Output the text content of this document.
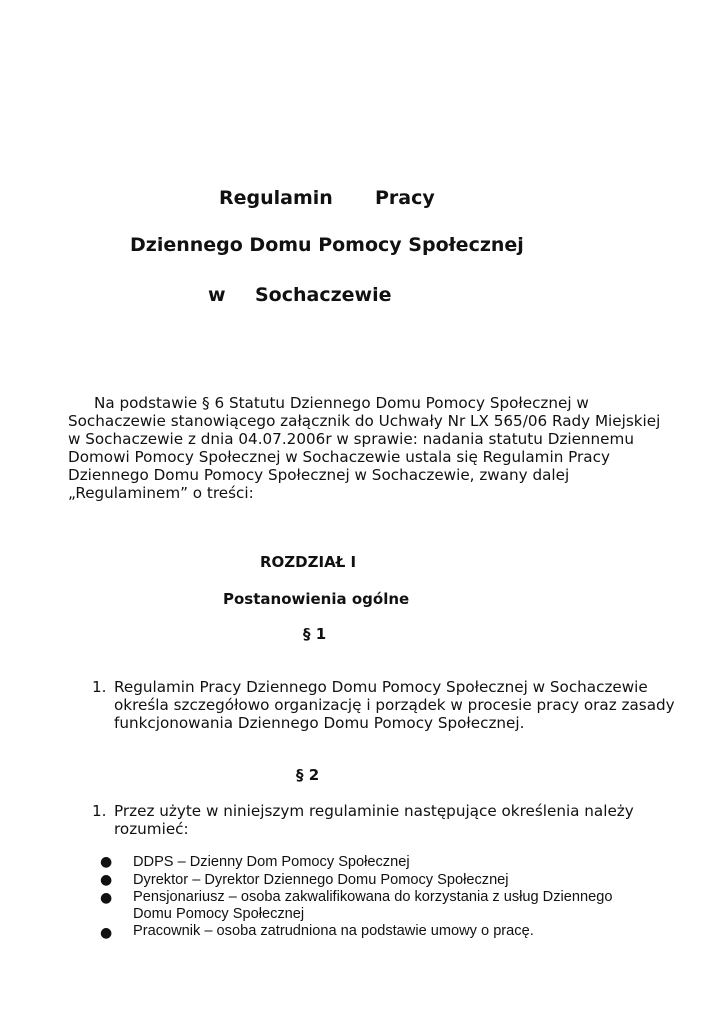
Regulamin Pracy
Dziennego Domu Pomocy Społecznej
w Sochaczewie
Na podstawie § 6 Statutu Dziennego Domu Pomocy Społecznej w
Sochaczewie stanowiącego załącznik do Uchwały Nr LX 565/06 Rady Miejskiej
w Sochaczewie z dnia 04.07.2006r w sprawie: nadania statutu Dziennemu
Domowi Pomocy Społecznej w Sochaczewie ustala się Regulamin Pracy
Dziennego Domu Pomocy Społecznej w Sochaczewie, zwany dalej
„Regulaminem” o treści:
ROZDZIAŁ I
Postanowienia ogólne
§ 1
1. Regulamin Pracy Dziennego Domu Pomocy Społecznej w Sochaczewie
określa szczegółowo organizację i porządek w procesie pracy oraz zasady
funkcjonowania Dziennego Domu Pomocy Społecznej.
§ 2
1. Przez użyte w niniejszym regulaminie następujące określenia należy
rozumieć:
● DDPS – Dzienny Dom Pomocy Społecznej
● Dyrektor – Dyrektor Dziennego Domu Pomocy Społecznej
● Pensjonariusz – osoba zakwalifikowana do korzystania z usług Dziennego
Domu Pomocy Społecznej
● Pracownik – osoba zatrudniona na podstawie umowy o pracę.
